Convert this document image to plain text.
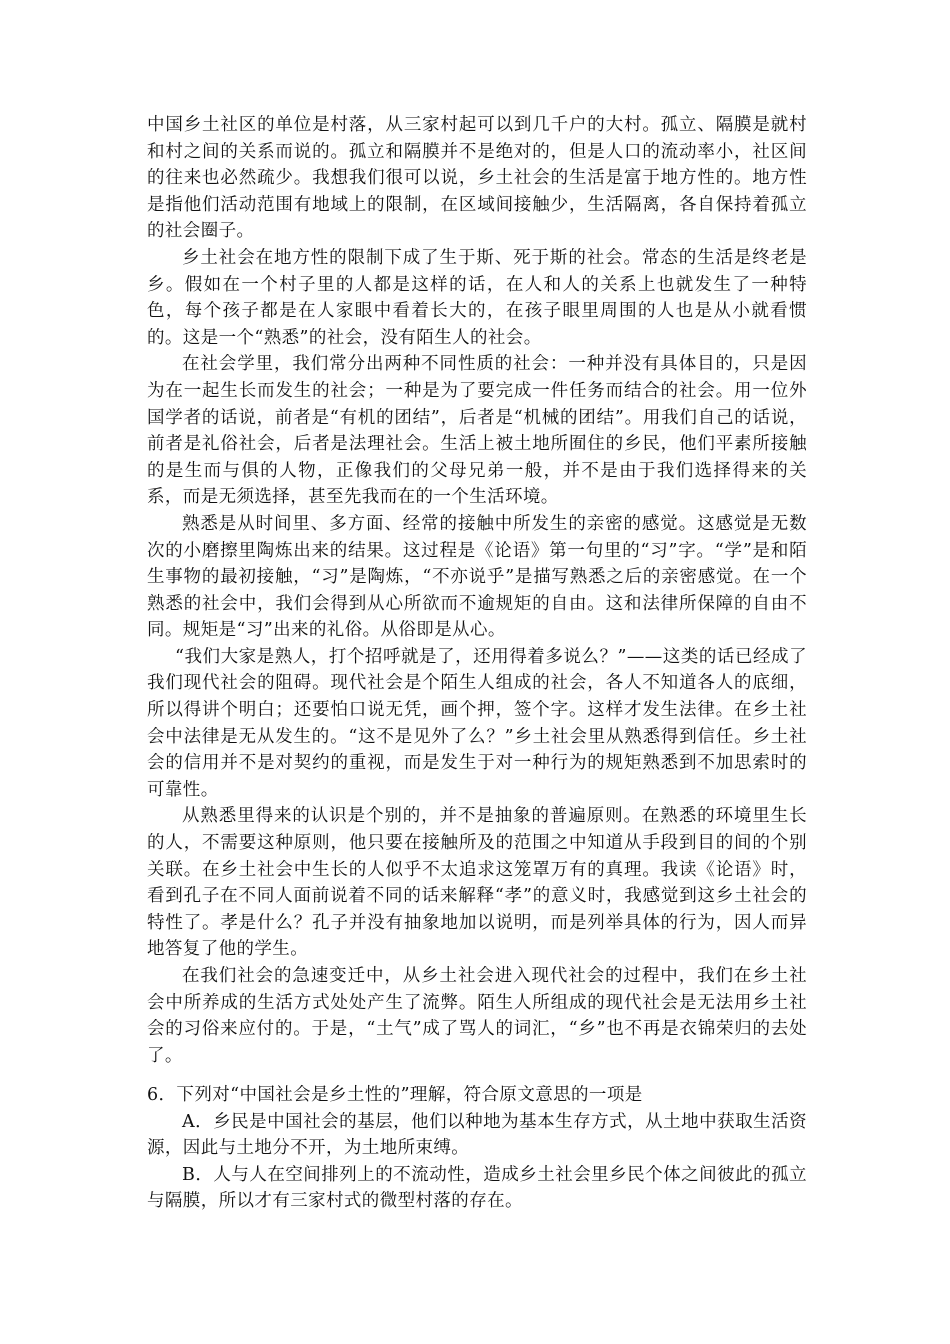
中国乡土社区的单位是村落，从三家村起可以到几千户的大村。孤立、隔膜是就村和村之间的关系而说的。孤立和隔膜并不是绝对的，但是人口的流动率小，社区间的往来也必然疏少。我想我们很可以说，乡土社会的生活是富于地方性的。地方性是指他们活动范围有地域上的限制，在区域间接触少，生活隔离，各自保持着孤立的社会圈子。

乡土社会在地方性的限制下成了生于斯、死于斯的社会。常态的生活是终老是乡。假如在一个村子里的人都是这样的话，在人和人的关系上也就发生了一种特色，每个孩子都是在人家眼中看着长大的，在孩子眼里周围的人也是从小就看惯的。这是一个“熟悉”的社会，没有陌生人的社会。

在社会学里，我们常分出两种不同性质的社会：一种并没有具体目的，只是因为在一起生长而发生的社会；一种是为了要完成一件任务而结合的社会。用一位外国学者的话说，前者是“有机的团结”，后者是“机械的团结”。用我们自己的话说，前者是礼俗社会，后者是法理社会。生活上被土地所囿住的乡民，他们平素所接触的是生而与俱的人物，正像我们的父母兄弟一般，并不是由于我们选择得来的关系，而是无须选择，甚至先我而在的一个生活环境。

熟悉是从时间里、多方面、经常的接触中所发生的亲密的感觉。这感觉是无数次的小磨擦里陶炼出来的结果。这过程是《论语》第一句里的“习”字。“学”是和陌生事物的最初接触，“习”是陶炼，“不亦说乎”是描写熟悉之后的亲密感觉。在一个熟悉的社会中，我们会得到从心所欲而不逾规矩的自由。这和法律所保障的自由不同。规矩是“习”出来的礼俗。从俗即是从心。

“我们大家是熟人，打个招呼就是了，还用得着多说么？”——这类的话已经成了我们现代社会的阻碍。现代社会是个陌生人组成的社会，各人不知道各人的底细，所以得讲个明白；还要怕口说无凭，画个押，签个字。这样才发生法律。在乡土社会中法律是无从发生的。“这不是见外了么？”乡土社会里从熟悉得到信任。乡土社会的信用并不是对契约的重视，而是发生于对一种行为的规矩熟悉到不加思索时的可靠性。

从熟悉里得来的认识是个别的，并不是抽象的普遍原则。在熟悉的环境里生长的人，不需要这种原则，他只要在接触所及的范围之中知道从手段到目的间的个别关联。在乡土社会中生长的人似乎不太追求这笼罩万有的真理。我读《论语》时，看到孔子在不同人面前说着不同的话来解释“孝”的意义时，我感觉到这乡土社会的特性了。孝是什么？孔子并没有抽象地加以说明，而是列举具体的行为，因人而异地答复了他的学生。

在我们社会的急速变迁中，从乡土社会进入现代社会的过程中，我们在乡土社会中所养成的生活方式处处产生了流弊。陌生人所组成的现代社会是无法用乡土社会的习俗来应付的。于是，“土气”成了骂人的词汇，“乡”也不再是衣锦荣归的去处了。

6．下列对“中国社会是乡土性的”理解，符合原文意思的一项是

A．乡民是中国社会的基层，他们以种地为基本生存方式，从土地中获取生活资源，因此与土地分不开，为土地所束缚。

B．人与人在空间排列上的不流动性，造成乡土社会里乡民个体之间彼此的孤立与隔膜，所以才有三家村式的微型村落的存在。
